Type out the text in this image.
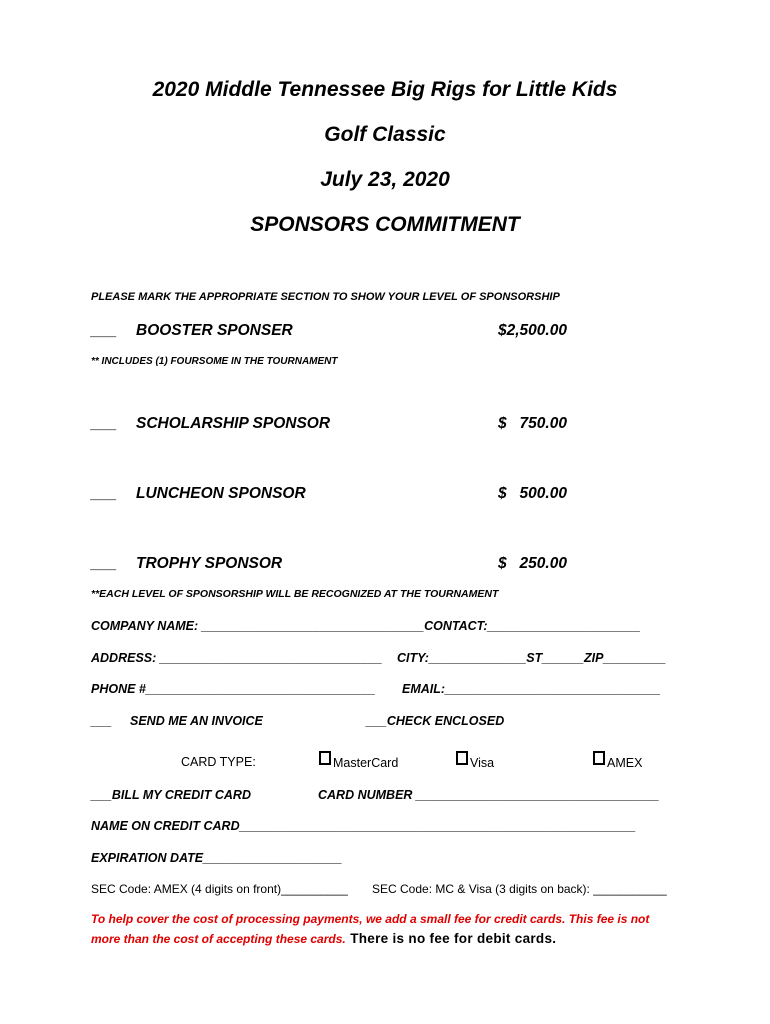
2020 Middle Tennessee Big Rigs for Little Kids
Golf Classic
July 23, 2020
SPONSORS COMMITMENT
PLEASE MARK THE APPROPRIATE SECTION TO SHOW YOUR LEVEL OF SPONSORSHIP
___ BOOSTER SPONSER	$2,500.00
** INCLUDES (1) FOURSOME IN THE TOURNAMENT
___ SCHOLARSHIP SPONSOR	$   750.00
___ LUNCHEON SPONSOR	$   500.00
___ TROPHY SPONSOR	$   250.00
**EACH LEVEL OF SPONSORSHIP WILL BE RECOGNIZED AT THE TOURNAMENT
COMPANY NAME: ________________________________CONTACT:______________________
ADDRESS: ________________________________ CITY:______________ST______ZIP_________
PHONE #_________________________________ EMAIL:_______________________________
___ SEND ME AN INVOICE	___CHECK ENCLOSED
CARD TYPE:	MasterCard	Visa	AMEX
___BILL MY CREDIT CARD	CARD NUMBER ___________________________________
NAME ON CREDIT CARD_________________________________________________________
EXPIRATION DATE____________________
SEC Code: AMEX (4 digits on front)__________ SEC Code: MC & Visa (3 digits on back): ___________
To help cover the cost of processing payments, we add a small fee for credit cards. This fee is not
more than the cost of accepting these cards. There is no fee for debit cards.
